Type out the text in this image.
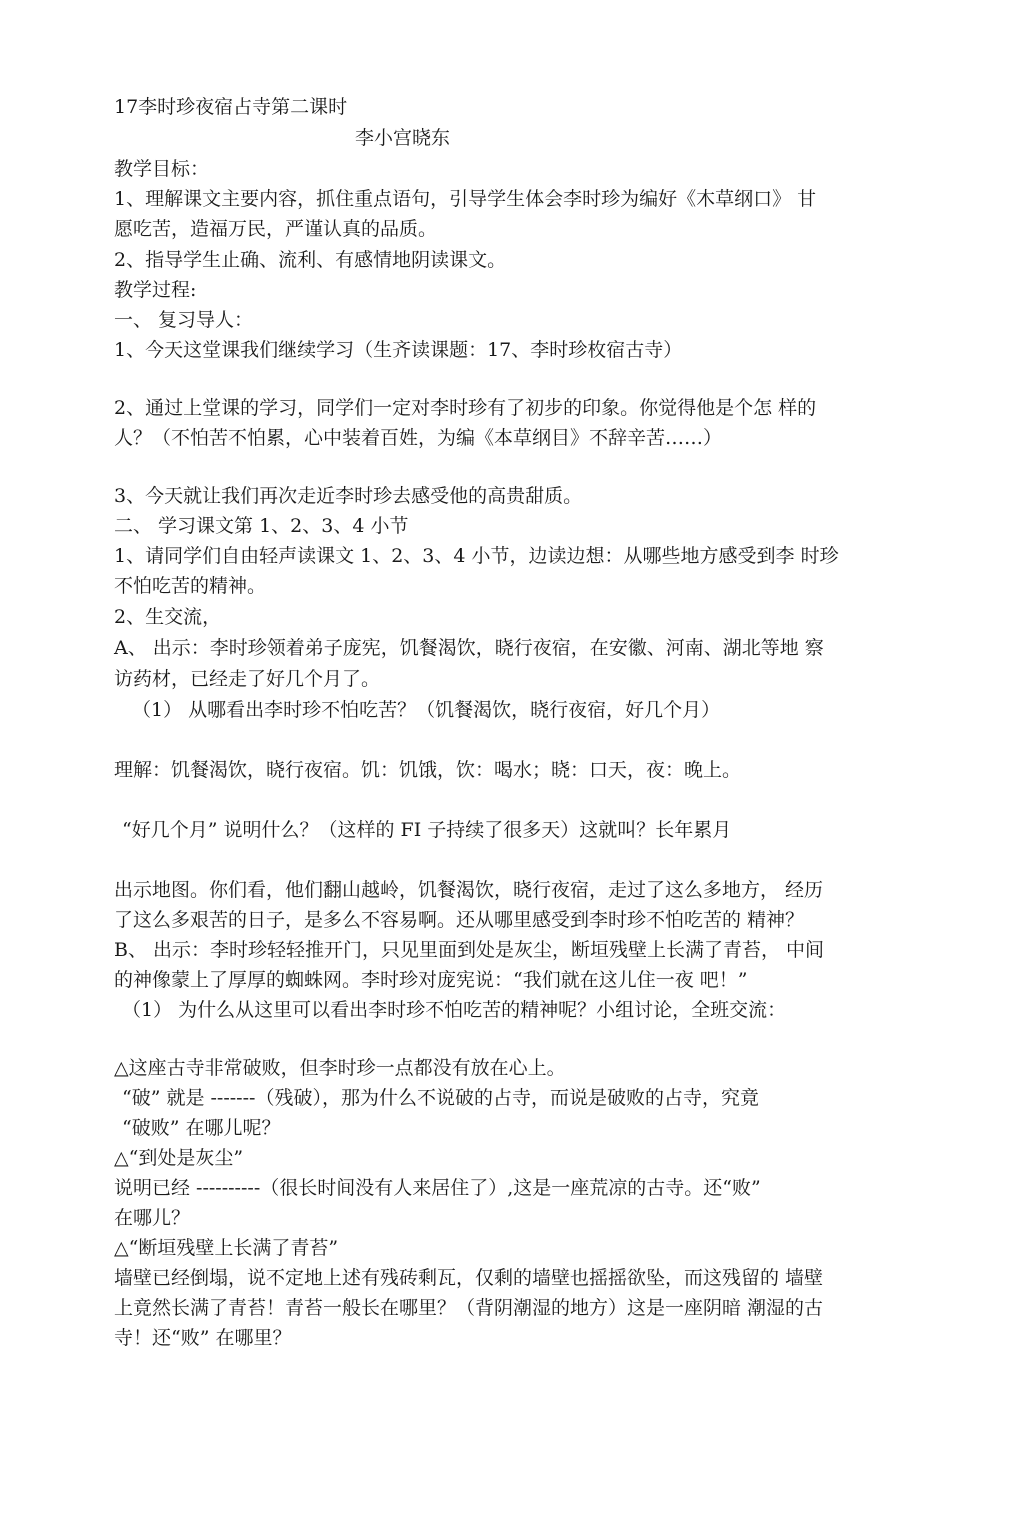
17李时珍夜宿占寺第二课时
李小宫晓东
教学目标：
1、理解课文主要内容，抓住重点语句，引导学生体会李时珍为编好《木草纲口》 甘
愿吃苦，造福万民，严谨认真的品质。
2、指导学生止确、流利、有感情地阴读课文。
教学过程:
一、 复习导人：
1、今天这堂课我们继续学习（生齐读课题：17、李时珍枚宿古寺）
2、通过上堂课的学习，同学们一定对李时珍有了初步的印象。你觉得他是个怎 样的
人？（不怕苦不怕累，心中装着百姓，为编《本草纲目》不辞辛苦……）
3、今天就让我们再次走近李时珍去感受他的高贵甜质。
二、 学习课文第 1、2、3、4 小节
1、请同学们自由轻声读课文 1、2、3、4 小节，边读边想：从哪些地方感受到李 时珍
不怕吃苦的精神。
2、生交流，
A、 出示：李时珍领着弟子庞宪，饥餐渴饮，晓行夜宿，在安徽、河南、湖北等地 察
访药材，已经走了好几个月了。
（1） 从哪看出李时珍不怕吃苦？（饥餐渴饮，晓行夜宿，好几个月）
理解：饥餐渴饮，晓行夜宿。饥：饥饿，饮：喝水；晓：口天，夜：晚上。
“好几个月” 说明什么？（这样的 FI 子持续了很多天）这就叫？长年累月
出示地图。你们看，他们翻山越岭，饥餐渴饮，晓行夜宿，走过了这么多地方， 经历
了这么多艰苦的日子，是多么不容易啊。还从哪里感受到李时珍不怕吃苦的 精神？
B、 出示：李时珍轻轻推开门，只见里面到处是灰尘，断垣残壁上长满了青苔， 中间
的神像蒙上了厚厚的蜘蛛网。李时珍对庞宪说：“我们就在这儿住一夜 吧！”
（1） 为什么从这里可以看出李时珍不怕吃苦的精神呢？小组讨论，全班交流：
△这座古寺非常破败，但李时珍一点都没有放在心上。
“破” 就是 -------（残破），那为什么不说破的占寺，而说是破败的占寺，究竟
“破败” 在哪儿呢？
△“到处是灰尘”
说明已经 ----------（很长时间没有人来居住了）,这是一座荒凉的古寺。还“败”
在哪儿？
△“断垣残壁上长满了青苔”
墙壁已经倒塌，说不定地上述有残砖剩瓦，仅剩的墙壁也摇摇欲坠，而这残留的 墙壁
上竟然长满了青苔！青苔一般长在哪里？（背阴潮湿的地方）这是一座阴暗 潮湿的古
寺！还“败” 在哪里？
